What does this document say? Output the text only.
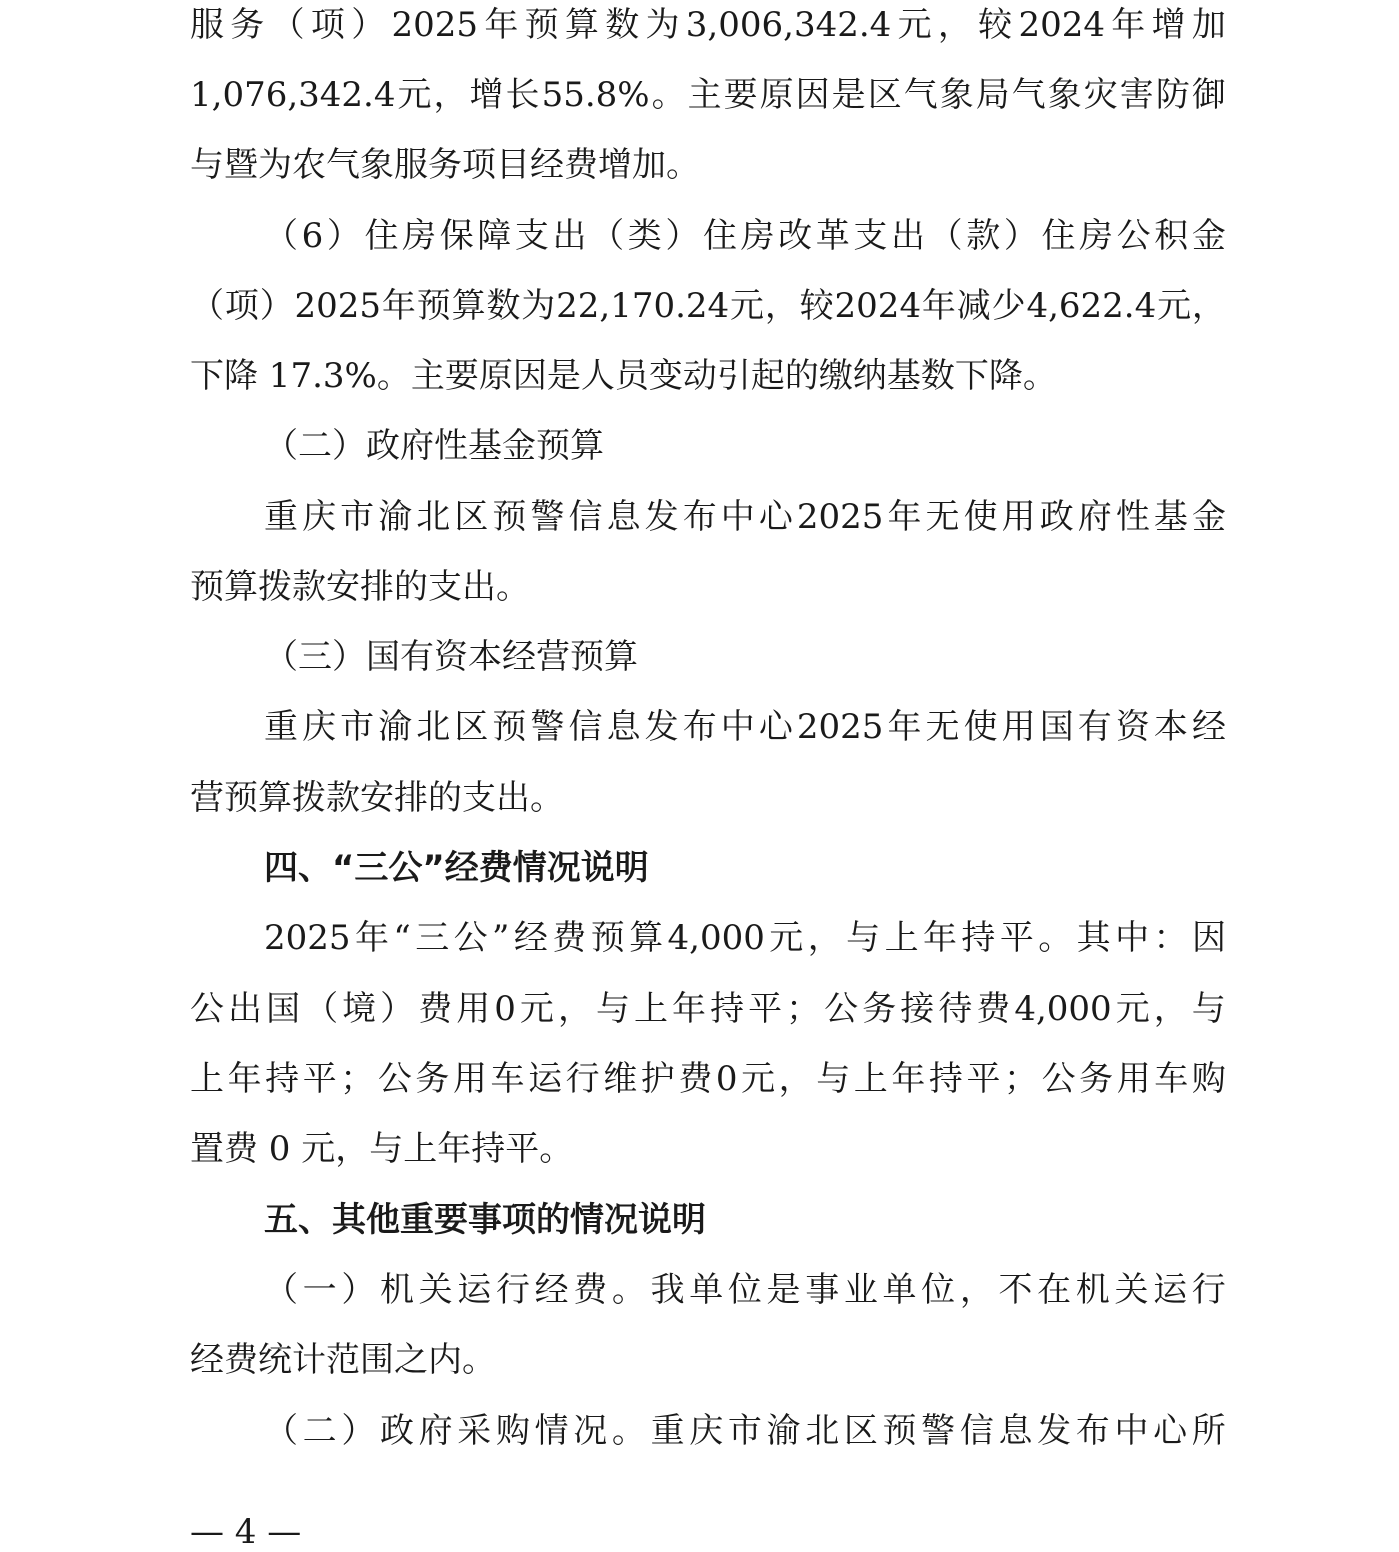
服 务 （ 项 ） 2025 年 预 算 数 为 3,006,342.4 元 ， 较 2024 年 增 加
1,076,342.4 元 ， 增 长 55.8% 。 主 要 原 因 是 区 气 象 局 气 象 灾 害 防 御
与暨为农气象服务项目经费增加。
（ 6 ） 住 房 保 障 支 出 （ 类 ） 住 房 改 革 支 出 （ 款 ） 住 房 公 积 金
（ 项 ） 2025 年 预 算 数 为 22,170.24 元 ， 较 2024 年 减 少 4,622.4 元 ，
下降 17.3%。主要原因是人员变动引起的缴纳基数下降。
（二）政府性基金预算
重 庆 市 渝 北 区 预 警 信 息 发 布 中 心 2025 年 无 使 用 政 府 性 基 金
预算拨款安排的支出。
（三）国有资本经营预算
重 庆 市 渝 北 区 预 警 信 息 发 布 中 心 2025 年 无 使 用 国 有 资 本 经
营预算拨款安排的支出。
四、“三公”经费情况说明
2025 年 “ 三 公 ” 经 费 预 算 4,000 元 ， 与 上 年 持 平 。 其 中 ： 因
公 出 国 （ 境 ） 费 用 0 元 ， 与 上 年 持 平 ； 公 务 接 待 费 4,000 元 ， 与
上 年 持 平 ； 公 务 用 车 运 行 维 护 费 0 元 ， 与 上 年 持 平 ； 公 务 用 车 购
置费 0 元，与上年持平。
五、其他重要事项的情况说明
（ 一 ） 机 关 运 行 经 费 。 我 单 位 是 事 业 单 位 ， 不 在 机 关 运 行
经费统计范围之内。
（ 二 ） 政 府 采 购 情 况 。 重 庆 市 渝 北 区 预 警 信 息 发 布 中 心 所
— 4 —
